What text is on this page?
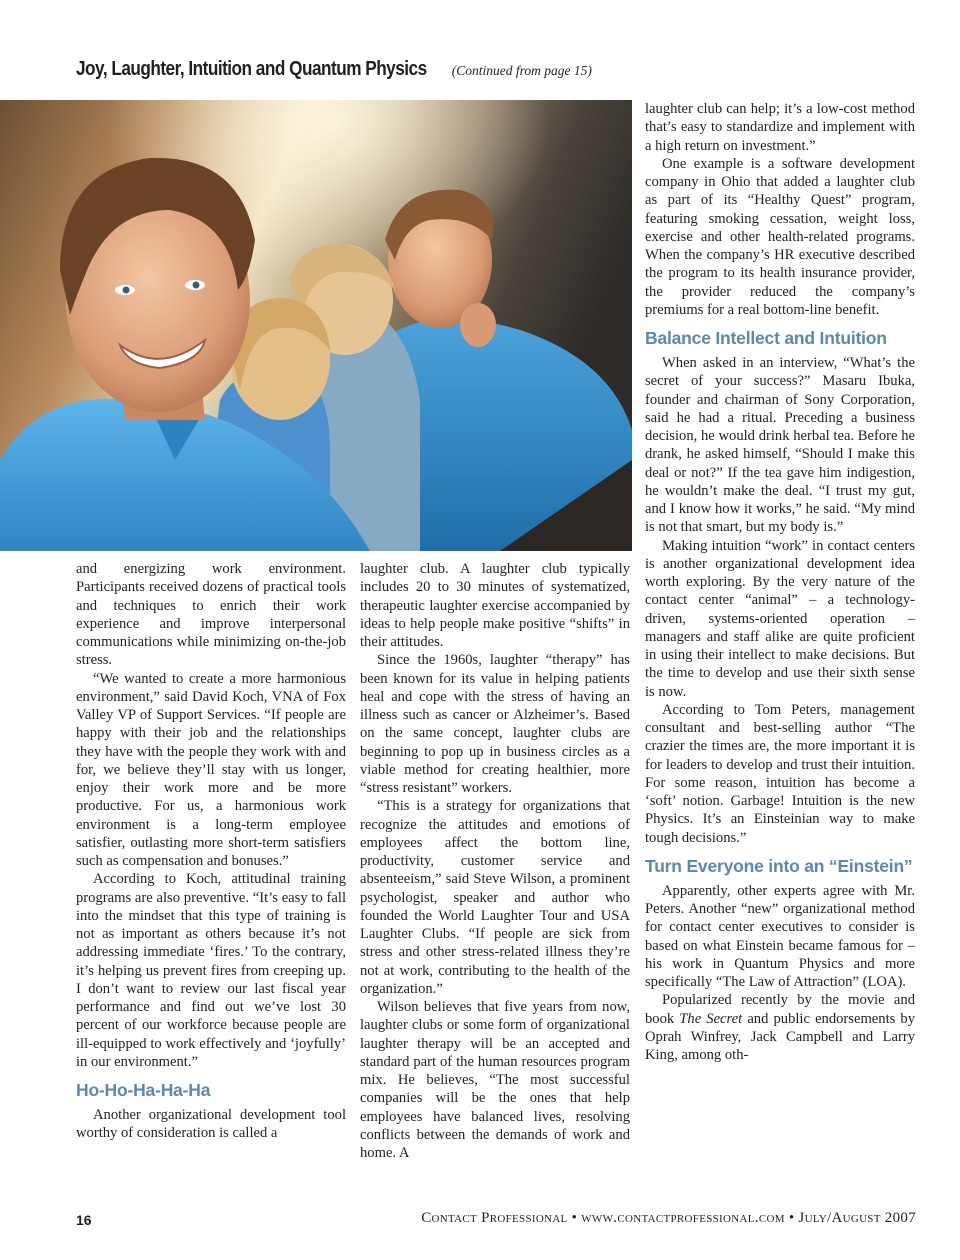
Joy, Laughter, Intuition and Quantum Physics (Continued from page 15)

and energizing work environment. Participants received dozens of practical tools and techniques to enrich their work experience and improve interpersonal communications while minimizing on-the-job stress.

“We wanted to create a more harmonious environment,” said David Koch, VNA of Fox Valley VP of Support Services. “If people are happy with their job and the relationships they have with the people they work with and for, we believe they’ll stay with us longer, enjoy their work more and be more productive. For us, a harmonious work environment is a long-term employee satisfier, outlasting more short-term satisfiers such as compensation and bonuses.”

According to Koch, attitudinal training programs are also preventive. “It’s easy to fall into the mindset that this type of training is not as important as others because it’s not addressing immediate ‘fires.’ To the contrary, it’s helping us prevent fires from creeping up. I don’t want to review our last fiscal year performance and find out we’ve lost 30 percent of our workforce because people are ill-equipped to work effectively and ‘joyfully’ in our environment.”

Ho-Ho-Ha-Ha-Ha

Another organizational development tool worthy of consideration is called a

laughter club. A laughter club typically includes 20 to 30 minutes of systematized, therapeutic laughter exercise accompanied by ideas to help people make positive “shifts” in their attitudes.

Since the 1960s, laughter “therapy” has been known for its value in helping patients heal and cope with the stress of having an illness such as cancer or Alzheimer’s. Based on the same concept, laughter clubs are beginning to pop up in business circles as a viable method for creating healthier, more “stress resistant” workers.

“This is a strategy for organizations that recognize the attitudes and emotions of employees affect the bottom line, productivity, customer service and absenteeism,” said Steve Wilson, a prominent psychologist, speaker and author who founded the World Laughter Tour and USA Laughter Clubs. “If people are sick from stress and other stress-related illness they’re not at work, contributing to the health of the organization.”

Wilson believes that five years from now, laughter clubs or some form of organizational laughter therapy will be an accepted and standard part of the human resources program mix. He believes, “The most successful companies will be the ones that help employees have balanced lives, resolving conflicts between the demands of work and home. A

laughter club can help; it’s a low-cost method that’s easy to standardize and implement with a high return on investment.”

One example is a software development company in Ohio that added a laughter club as part of its “Healthy Quest” program, featuring smoking cessation, weight loss, exercise and other health-related programs. When the company’s HR executive described the program to its health insurance provider, the provider reduced the company’s premiums for a real bottom-line benefit.

Balance Intellect and Intuition

When asked in an interview, “What’s the secret of your success?” Masaru Ibuka, founder and chairman of Sony Corporation, said he had a ritual. Preceding a business decision, he would drink herbal tea. Before he drank, he asked himself, “Should I make this deal or not?” If the tea gave him indigestion, he wouldn’t make the deal. “I trust my gut, and I know how it works,” he said. “My mind is not that smart, but my body is.”

Making intuition “work” in contact centers is another organizational development idea worth exploring. By the very nature of the contact center “animal” – a technology-driven, systems-oriented operation – managers and staff alike are quite proficient in using their intellect to make decisions. But the time to develop and use their sixth sense is now.

According to Tom Peters, management consultant and best-selling author “The crazier the times are, the more important it is for leaders to develop and trust their intuition. For some reason, intuition has become a ‘soft’ notion. Garbage! Intuition is the new Physics. It’s an Einsteinian way to make tough decisions.”

Turn Everyone into an “Einstein”

Apparently, other experts agree with Mr. Peters. Another “new” organizational method for contact center executives to consider is based on what Einstein became famous for – his work in Quantum Physics and more specifically “The Law of Attraction” (LOA).

Popularized recently by the movie and book The Secret and public endorsements by Oprah Winfrey, Jack Campbell and Larry King, among oth-

16	Contact Professional • www.contactprofessional.com • July/August 2007
